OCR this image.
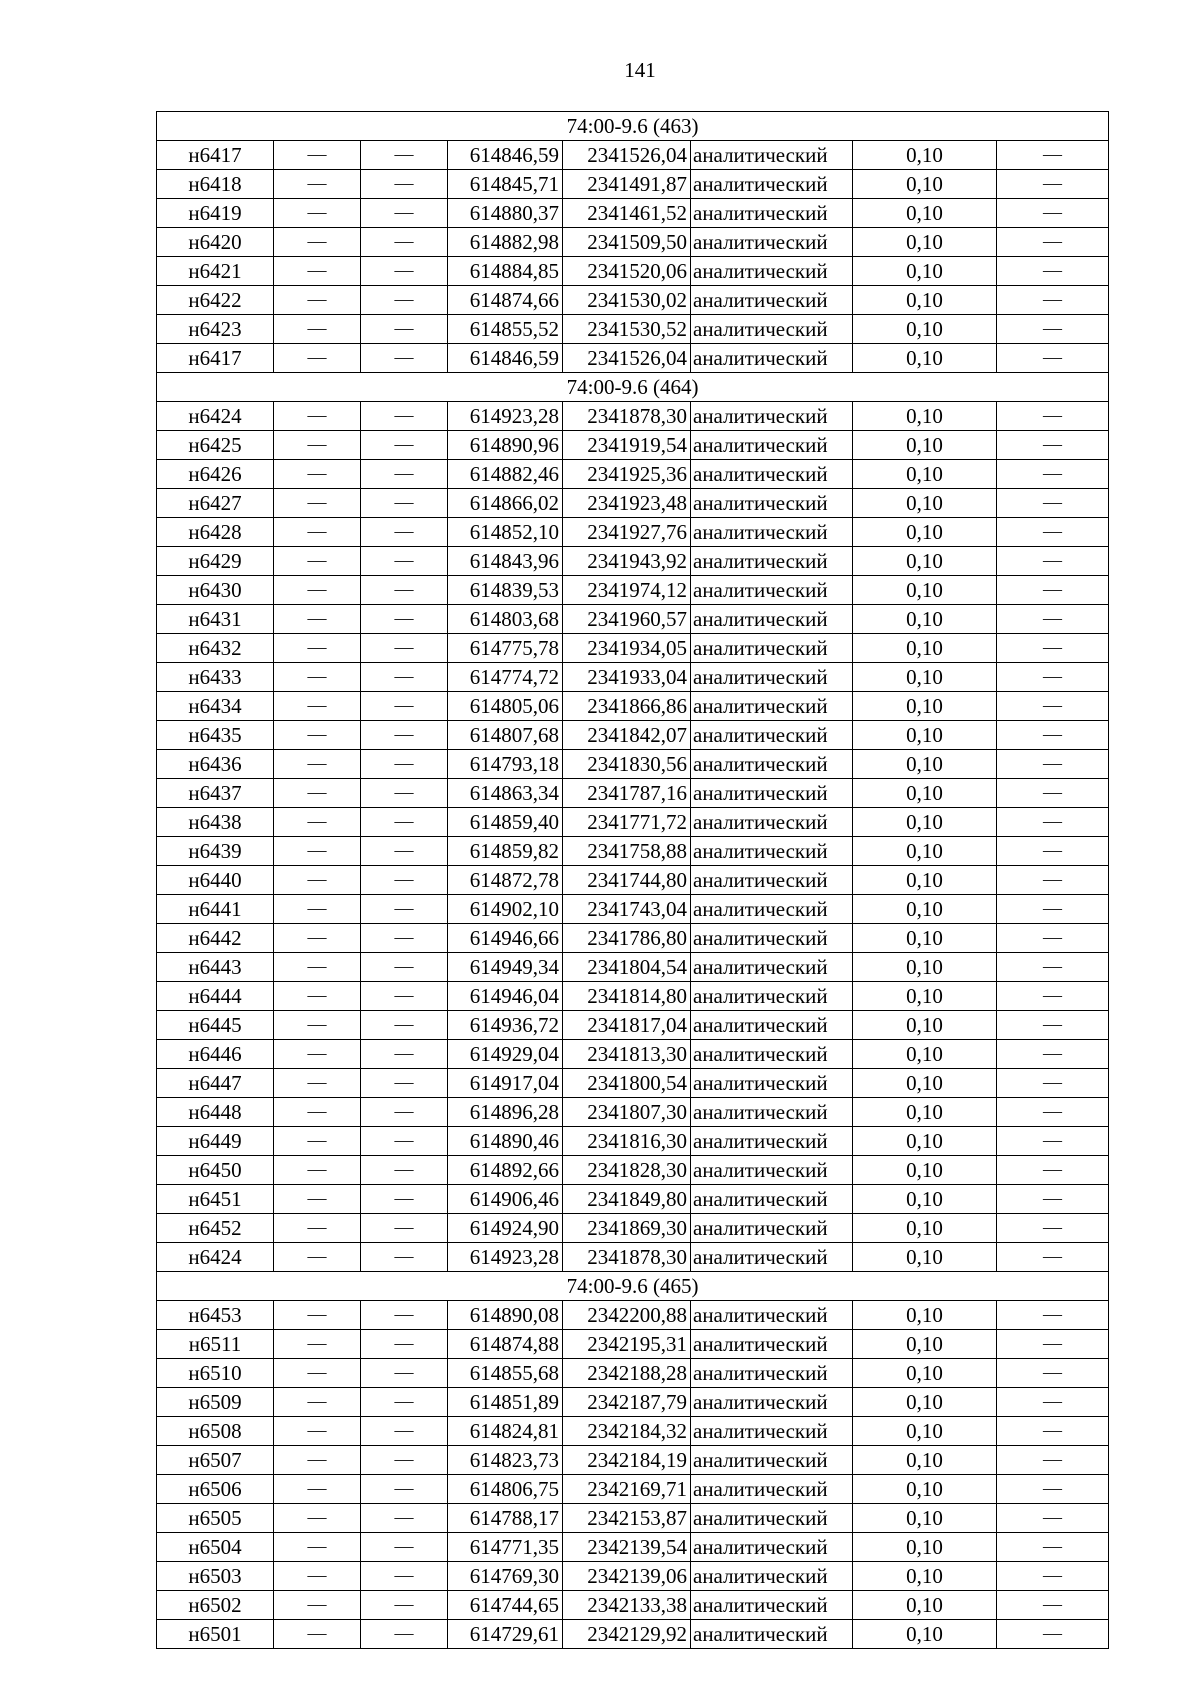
141
74:00-9.6 (463)							
н6417	—	—	614846,59	2341526,04	аналитический	0,10	—
н6418	—	—	614845,71	2341491,87	аналитический	0,10	—
н6419	—	—	614880,37	2341461,52	аналитический	0,10	—
н6420	—	—	614882,98	2341509,50	аналитический	0,10	—
н6421	—	—	614884,85	2341520,06	аналитический	0,10	—
н6422	—	—	614874,66	2341530,02	аналитический	0,10	—
н6423	—	—	614855,52	2341530,52	аналитический	0,10	—
н6417	—	—	614846,59	2341526,04	аналитический	0,10	—
74:00-9.6 (464)							
н6424	—	—	614923,28	2341878,30	аналитический	0,10	—
н6425	—	—	614890,96	2341919,54	аналитический	0,10	—
н6426	—	—	614882,46	2341925,36	аналитический	0,10	—
н6427	—	—	614866,02	2341923,48	аналитический	0,10	—
н6428	—	—	614852,10	2341927,76	аналитический	0,10	—
н6429	—	—	614843,96	2341943,92	аналитический	0,10	—
н6430	—	—	614839,53	2341974,12	аналитический	0,10	—
н6431	—	—	614803,68	2341960,57	аналитический	0,10	—
н6432	—	—	614775,78	2341934,05	аналитический	0,10	—
н6433	—	—	614774,72	2341933,04	аналитический	0,10	—
н6434	—	—	614805,06	2341866,86	аналитический	0,10	—
н6435	—	—	614807,68	2341842,07	аналитический	0,10	—
н6436	—	—	614793,18	2341830,56	аналитический	0,10	—
н6437	—	—	614863,34	2341787,16	аналитический	0,10	—
н6438	—	—	614859,40	2341771,72	аналитический	0,10	—
н6439	—	—	614859,82	2341758,88	аналитический	0,10	—
н6440	—	—	614872,78	2341744,80	аналитический	0,10	—
н6441	—	—	614902,10	2341743,04	аналитический	0,10	—
н6442	—	—	614946,66	2341786,80	аналитический	0,10	—
н6443	—	—	614949,34	2341804,54	аналитический	0,10	—
н6444	—	—	614946,04	2341814,80	аналитический	0,10	—
н6445	—	—	614936,72	2341817,04	аналитический	0,10	—
н6446	—	—	614929,04	2341813,30	аналитический	0,10	—
н6447	—	—	614917,04	2341800,54	аналитический	0,10	—
н6448	—	—	614896,28	2341807,30	аналитический	0,10	—
н6449	—	—	614890,46	2341816,30	аналитический	0,10	—
н6450	—	—	614892,66	2341828,30	аналитический	0,10	—
н6451	—	—	614906,46	2341849,80	аналитический	0,10	—
н6452	—	—	614924,90	2341869,30	аналитический	0,10	—
н6424	—	—	614923,28	2341878,30	аналитический	0,10	—
74:00-9.6 (465)							
н6453	—	—	614890,08	2342200,88	аналитический	0,10	—
н6511	—	—	614874,88	2342195,31	аналитический	0,10	—
н6510	—	—	614855,68	2342188,28	аналитический	0,10	—
н6509	—	—	614851,89	2342187,79	аналитический	0,10	—
н6508	—	—	614824,81	2342184,32	аналитический	0,10	—
н6507	—	—	614823,73	2342184,19	аналитический	0,10	—
н6506	—	—	614806,75	2342169,71	аналитический	0,10	—
н6505	—	—	614788,17	2342153,87	аналитический	0,10	—
н6504	—	—	614771,35	2342139,54	аналитический	0,10	—
н6503	—	—	614769,30	2342139,06	аналитический	0,10	—
н6502	—	—	614744,65	2342133,38	аналитический	0,10	—
н6501	—	—	614729,61	2342129,92	аналитический	0,10	—
